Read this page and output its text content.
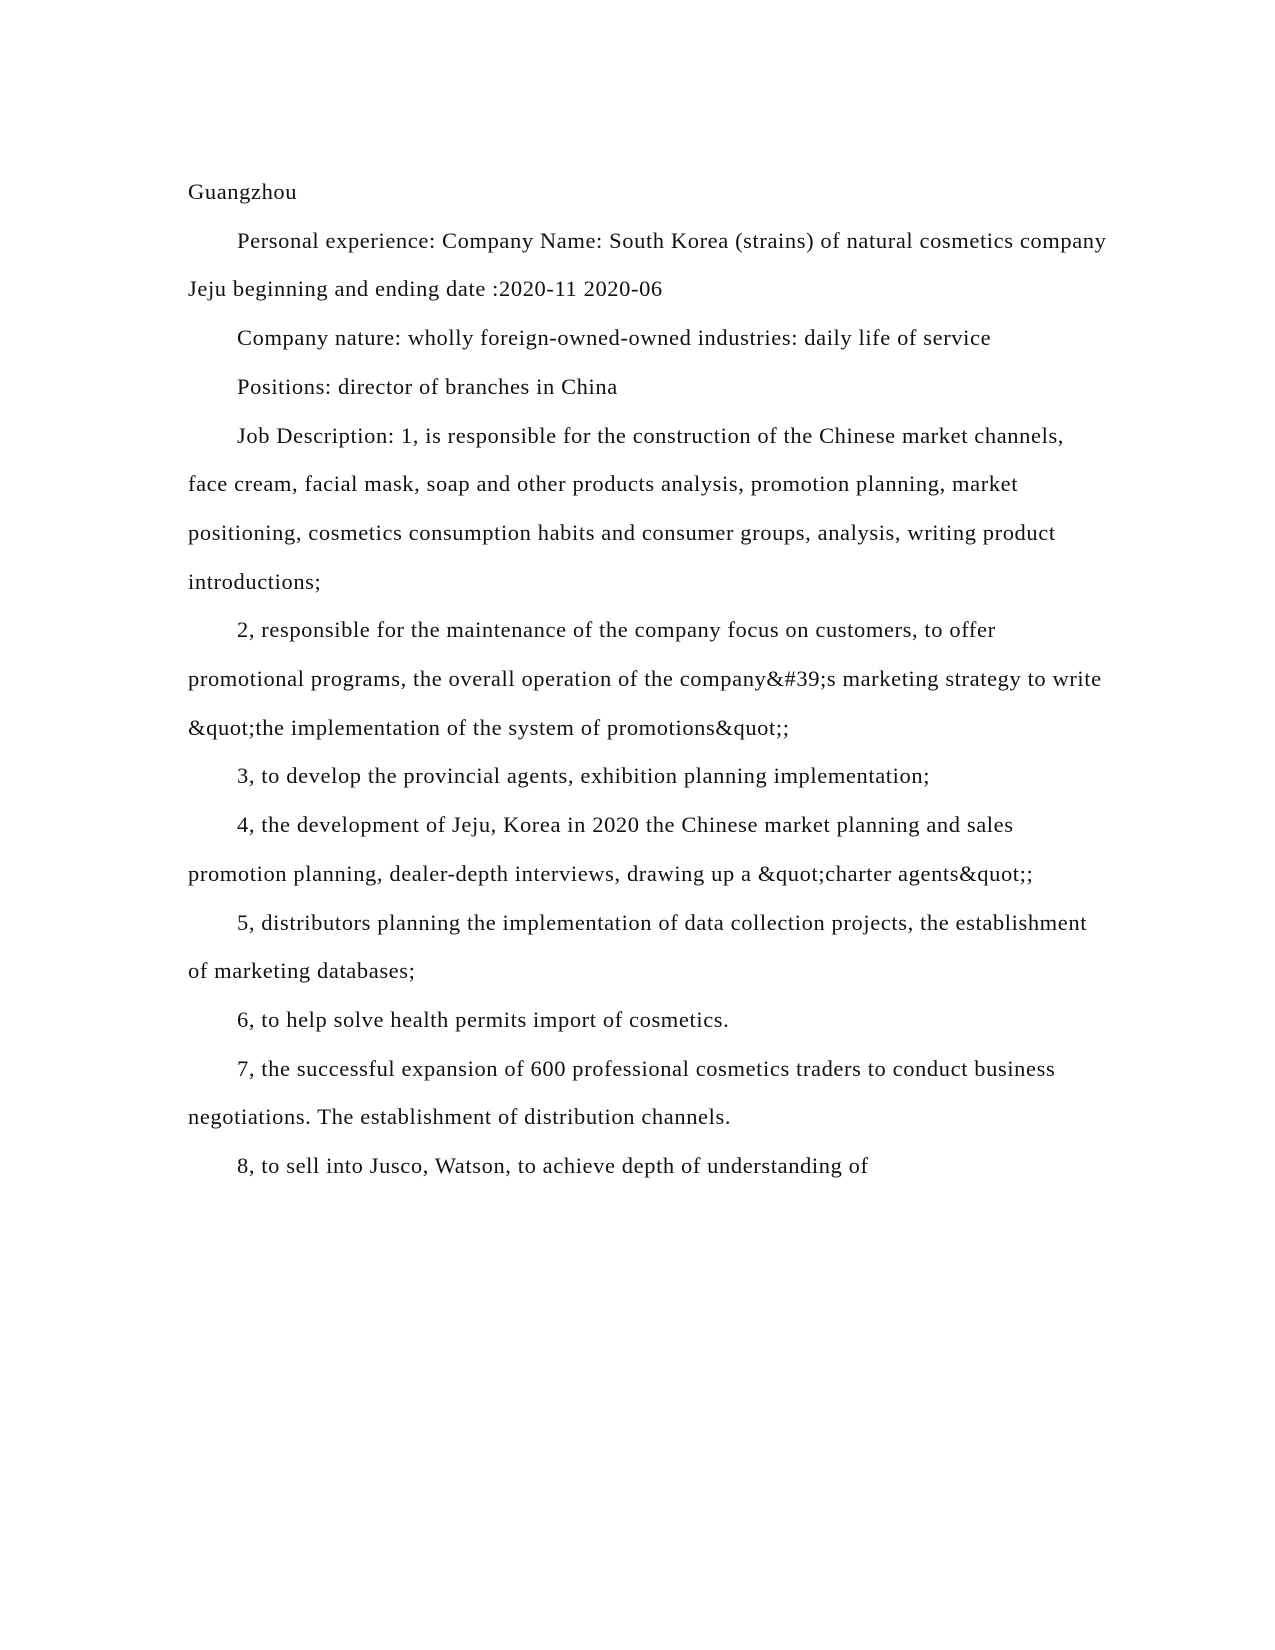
Guangzhou

Personal experience: Company Name: South Korea (strains) of natural cosmetics company Jeju beginning and ending date :2020-11 2020-06

Company nature: wholly foreign-owned-owned industries: daily life of service

Positions: director of branches in China

Job Description: 1, is responsible for the construction of the Chinese market channels, face cream, facial mask, soap and other products analysis, promotion planning, market positioning, cosmetics consumption habits and consumer groups, analysis, writing product introductions;

2, responsible for the maintenance of the company focus on customers, to offer promotional programs, the overall operation of the company&#39;s marketing strategy to write &quot;the implementation of the system of promotions&quot;;

3, to develop the provincial agents, exhibition planning implementation;

4, the development of Jeju, Korea in 2020 the Chinese market planning and sales promotion planning, dealer-depth interviews, drawing up a &quot;charter agents&quot;;

5, distributors planning the implementation of data collection projects, the establishment of marketing databases;

6, to help solve health permits import of cosmetics.

7, the successful expansion of 600 professional cosmetics traders to conduct business negotiations. The establishment of distribution channels.

8, to sell into Jusco, Watson, to achieve depth of understanding of
